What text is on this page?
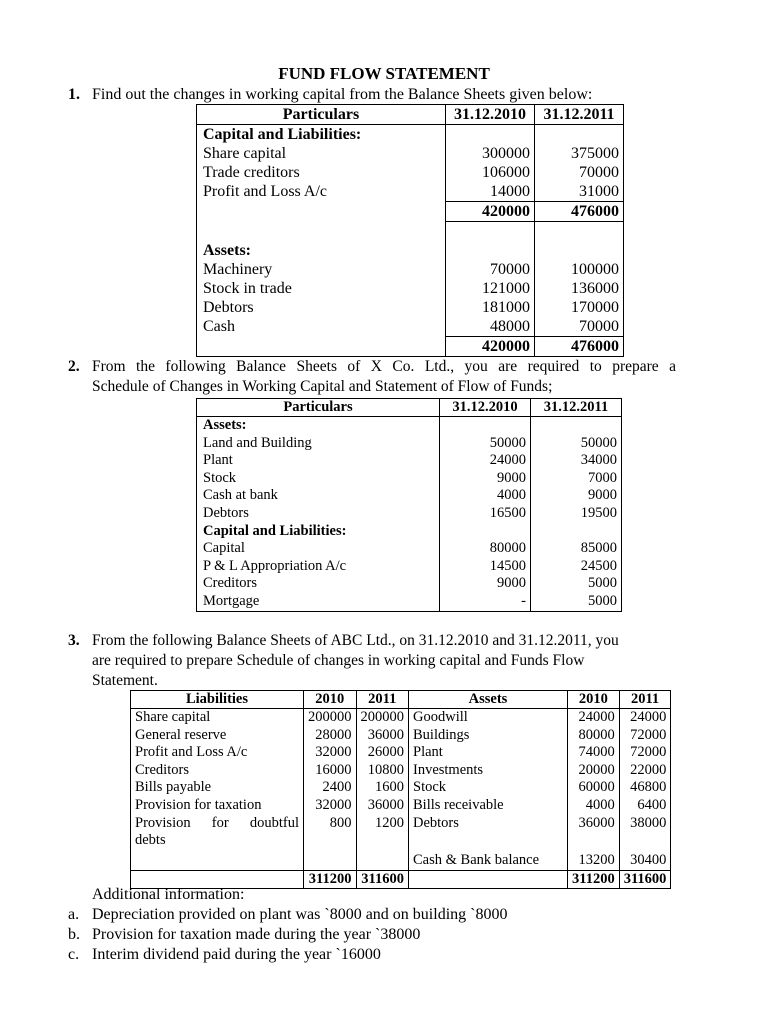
FUND FLOW STATEMENT
1. Find out the changes in working capital from the Balance Sheets given below:
Particulars	31.12.2010	31.12.2011
Capital and Liabilities:		
Share capital	300000	375000
Trade creditors	106000	70000
Profit and Loss A/c	14000	31000
	420000	476000

Assets:		
Machinery	70000	100000
Stock in trade	121000	136000
Debtors	181000	170000
Cash	48000	70000
	420000	476000
2. From the following Balance Sheets of X Co. Ltd., you are required to prepare a
Schedule of Changes in Working Capital and Statement of Flow of Funds;
Particulars	31.12.2010	31.12.2011
Assets:		
Land and Building	50000	50000
Plant	24000	34000
Stock	9000	7000
Cash at bank	4000	9000
Debtors	16500	19500
Capital and Liabilities:		
Capital	80000	85000
P & L Appropriation A/c	14500	24500
Creditors	9000	5000
Mortgage	-	5000
3. From the following Balance Sheets of ABC Ltd., on 31.12.2010 and 31.12.2011, you
are required to prepare Schedule of changes in working capital and Funds Flow
Statement.
Liabilities	2010	2011	Assets	2010	2011
Share capital	200000	200000	Goodwill	24000	24000
General reserve	28000	36000	Buildings	80000	72000
Profit and Loss A/c	32000	26000	Plant	74000	72000
Creditors	16000	10800	Investments	20000	22000
Bills payable	2400	1600	Stock	60000	46800
Provision for taxation	32000	36000	Bills receivable	4000	6400
Provision for doubtful	800	1200	Debtors	36000	38000
debts					
			Cash & Bank balance	13200	30400
	311200	311600		311200	311600
Additional information:
a. Depreciation provided on plant was `8000 and on building `8000
b. Provision for taxation made during the year `38000
c. Interim dividend paid during the year `16000
